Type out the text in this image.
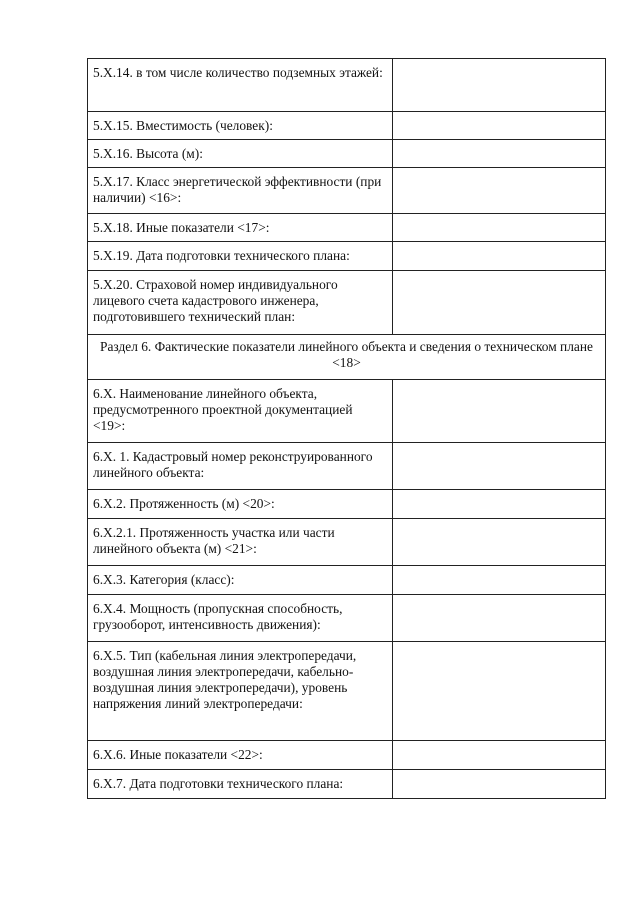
5.X.14. в том числе количество подземных этажей:	

5.X.15. Вместимость (человек):	

5.X.16. Высота (м):	

5.X.17. Класс энергетической эффективности (при наличии) <16>:	

5.X.18. Иные показатели <17>:	

5.X.19. Дата подготовки технического плана:	

5.X.20. Страховой номер индивидуального лицевого счета кадастрового инженера, подготовившего технический план:	

Раздел 6. Фактические показатели линейного объекта и сведения о техническом плане <18>	

6.X. Наименование линейного объекта, предусмотренного проектной документацией <19>:	

6.X. 1. Кадастровый номер реконструированного линейного объекта:	

6.X.2. Протяженность (м) <20>:	

6.X.2.1. Протяженность участка или части линейного объекта (м) <21>:	

6.X.3. Категория (класс):	

6.X.4. Мощность (пропускная способность, грузооборот, интенсивность движения):	

6.X.5. Тип (кабельная линия электропередачи, воздушная линия электропередачи, кабельно-воздушная линия электропередачи), уровень напряжения линий электропередачи:	

6.X.6. Иные показатели <22>:	

6.X.7. Дата подготовки технического плана:	
